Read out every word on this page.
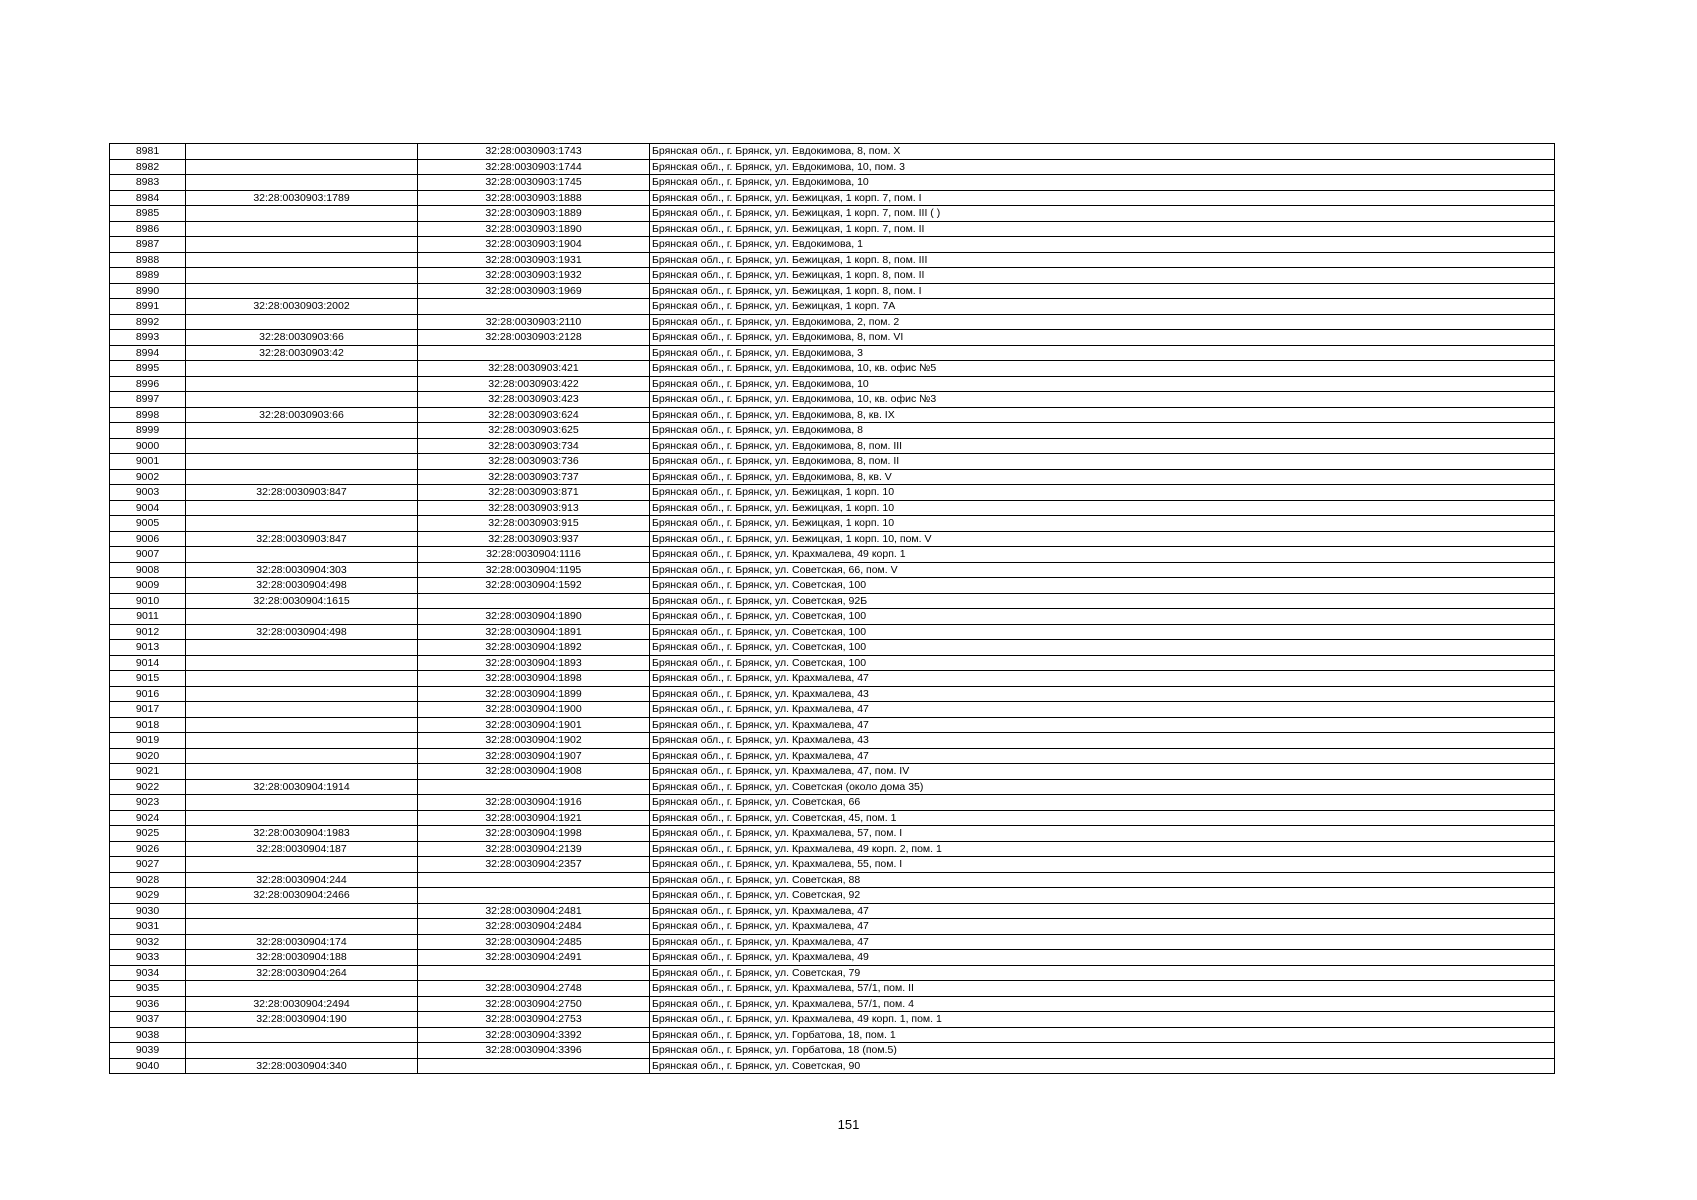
8981		32:28:0030903:1743	Брянская обл., г. Брянск, ул. Евдокимова, 8, пом. X
8982		32:28:0030903:1744	Брянская обл., г. Брянск, ул. Евдокимова, 10, пом. 3
8983		32:28:0030903:1745	Брянская обл., г. Брянск, ул. Евдокимова, 10
8984	32:28:0030903:1789	32:28:0030903:1888	Брянская обл., г. Брянск, ул. Бежицкая, 1 корп. 7, пом. I
8985		32:28:0030903:1889	Брянская обл., г. Брянск, ул. Бежицкая, 1 корп. 7, пом. III ( )
8986		32:28:0030903:1890	Брянская обл., г. Брянск, ул. Бежицкая, 1 корп. 7, пом. II
8987		32:28:0030903:1904	Брянская обл., г. Брянск, ул. Евдокимова, 1
8988		32:28:0030903:1931	Брянская обл., г. Брянск, ул. Бежицкая, 1 корп. 8, пом. III
8989		32:28:0030903:1932	Брянская обл., г. Брянск, ул. Бежицкая, 1 корп. 8, пом. II
8990		32:28:0030903:1969	Брянская обл., г. Брянск, ул. Бежицкая, 1 корп. 8, пом. I
8991	32:28:0030903:2002		Брянская обл., г. Брянск, ул. Бежицкая, 1 корп. 7А
8992		32:28:0030903:2110	Брянская обл., г. Брянск, ул. Евдокимова, 2, пом. 2
8993	32:28:0030903:66	32:28:0030903:2128	Брянская обл., г. Брянск, ул. Евдокимова, 8, пом. VI
8994	32:28:0030903:42		Брянская обл., г. Брянск, ул. Евдокимова, 3
8995		32:28:0030903:421	Брянская обл., г. Брянск, ул. Евдокимова, 10, кв. офис №5
8996		32:28:0030903:422	Брянская обл., г. Брянск, ул. Евдокимова, 10
8997		32:28:0030903:423	Брянская обл., г. Брянск, ул. Евдокимова, 10, кв. офис №3
8998	32:28:0030903:66	32:28:0030903:624	Брянская обл., г. Брянск, ул. Евдокимова, 8, кв. IX
8999		32:28:0030903:625	Брянская обл., г. Брянск, ул. Евдокимова, 8
9000		32:28:0030903:734	Брянская обл., г. Брянск, ул. Евдокимова, 8, пом. III
9001		32:28:0030903:736	Брянская обл., г. Брянск, ул. Евдокимова, 8, пом. II
9002		32:28:0030903:737	Брянская обл., г. Брянск, ул. Евдокимова, 8, кв. V
9003	32:28:0030903:847	32:28:0030903:871	Брянская обл., г. Брянск, ул. Бежицкая, 1 корп. 10
9004		32:28:0030903:913	Брянская обл., г. Брянск, ул. Бежицкая, 1 корп. 10
9005		32:28:0030903:915	Брянская обл., г. Брянск, ул. Бежицкая, 1 корп. 10
9006	32:28:0030903:847	32:28:0030903:937	Брянская обл., г. Брянск, ул. Бежицкая, 1 корп. 10, пом. V
9007		32:28:0030904:1116	Брянская обл., г. Брянск, ул. Крахмалева, 49 корп. 1
9008	32:28:0030904:303	32:28:0030904:1195	Брянская обл., г. Брянск, ул. Советская, 66, пом. V
9009	32:28:0030904:498	32:28:0030904:1592	Брянская обл., г. Брянск, ул. Советская, 100
9010	32:28:0030904:1615		Брянская обл., г. Брянск, ул. Советская, 92Б
9011		32:28:0030904:1890	Брянская обл., г. Брянск, ул. Советская, 100
9012	32:28:0030904:498	32:28:0030904:1891	Брянская обл., г. Брянск, ул. Советская, 100
9013		32:28:0030904:1892	Брянская обл., г. Брянск, ул. Советская, 100
9014		32:28:0030904:1893	Брянская обл., г. Брянск, ул. Советская, 100
9015		32:28:0030904:1898	Брянская обл., г. Брянск, ул. Крахмалева, 47
9016		32:28:0030904:1899	Брянская обл., г. Брянск, ул. Крахмалева, 43
9017		32:28:0030904:1900	Брянская обл., г. Брянск, ул. Крахмалева, 47
9018		32:28:0030904:1901	Брянская обл., г. Брянск, ул. Крахмалева, 47
9019		32:28:0030904:1902	Брянская обл., г. Брянск, ул. Крахмалева, 43
9020		32:28:0030904:1907	Брянская обл., г. Брянск, ул. Крахмалева, 47
9021		32:28:0030904:1908	Брянская обл., г. Брянск, ул. Крахмалева, 47, пом. IV
9022	32:28:0030904:1914		Брянская обл., г. Брянск, ул. Советская (около дома 35)
9023		32:28:0030904:1916	Брянская обл., г. Брянск, ул. Советская, 66
9024		32:28:0030904:1921	Брянская обл., г. Брянск, ул. Советская, 45, пом. 1
9025	32:28:0030904:1983	32:28:0030904:1998	Брянская обл., г. Брянск, ул. Крахмалева, 57, пом. I
9026	32:28:0030904:187	32:28:0030904:2139	Брянская обл., г. Брянск, ул. Крахмалева, 49 корп. 2, пом. 1
9027		32:28:0030904:2357	Брянская обл., г. Брянск, ул. Крахмалева, 55, пом. I
9028	32:28:0030904:244		Брянская обл., г. Брянск, ул. Советская, 88
9029	32:28:0030904:2466		Брянская обл., г. Брянск, ул. Советская, 92
9030		32:28:0030904:2481	Брянская обл., г. Брянск, ул. Крахмалева, 47
9031		32:28:0030904:2484	Брянская обл., г. Брянск, ул. Крахмалева, 47
9032	32:28:0030904:174	32:28:0030904:2485	Брянская обл., г. Брянск, ул. Крахмалева, 47
9033	32:28:0030904:188	32:28:0030904:2491	Брянская обл., г. Брянск, ул. Крахмалева, 49
9034	32:28:0030904:264		Брянская обл., г. Брянск, ул. Советская, 79
9035		32:28:0030904:2748	Брянская обл., г. Брянск, ул. Крахмалева, 57/1, пом. II
9036	32:28:0030904:2494	32:28:0030904:2750	Брянская обл., г. Брянск, ул. Крахмалева, 57/1, пом. 4
9037	32:28:0030904:190	32:28:0030904:2753	Брянская обл., г. Брянск, ул. Крахмалева, 49 корп. 1, пом. 1
9038		32:28:0030904:3392	Брянская обл., г. Брянск, ул. Горбатова, 18, пом. 1
9039		32:28:0030904:3396	Брянская обл., г. Брянск, ул. Горбатова, 18 (пом.5)
9040	32:28:0030904:340		Брянская обл., г. Брянск, ул. Советская, 90
151
